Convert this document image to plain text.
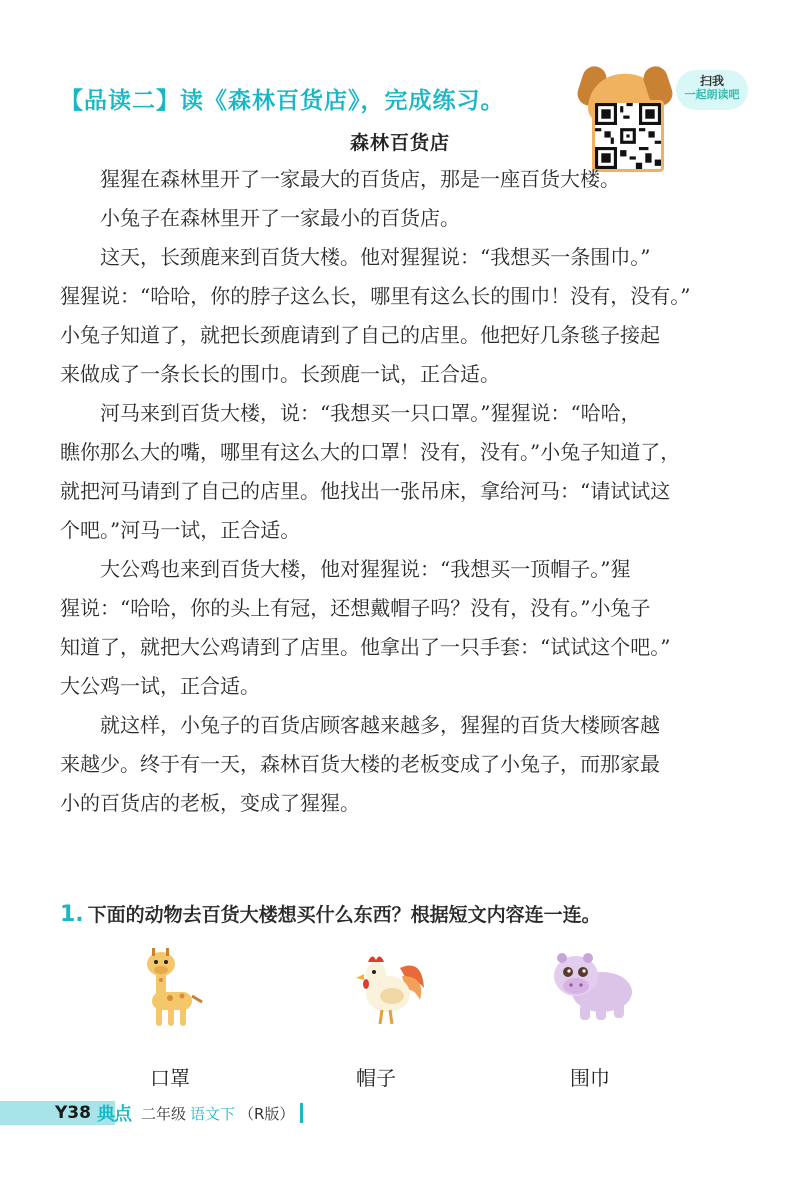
【品读二】读《森林百货店》，完成练习。
扫我
一起朗读吧
森林百货店

猩猩在森林里开了一家最大的百货店，那是一座百货大楼。

小兔子在森林里开了一家最小的百货店。

这天，长颈鹿来到百货大楼。他对猩猩说：“我想买一条围巾。”

猩猩说：“哈哈，你的脖子这么长，哪里有这么长的围巾！没有，没有。”

小兔子知道了，就把长颈鹿请到了自己的店里。他把好几条毯子接起

来做成了一条长长的围巾。长颈鹿一试，正合适。

河马来到百货大楼，说：“我想买一只口罩。”猩猩说：“哈哈，

瞧你那么大的嘴，哪里有这么大的口罩！没有，没有。”小兔子知道了，

就把河马请到了自己的店里。他找出一张吊床，拿给河马：“请试试这

个吧。”河马一试，正合适。

大公鸡也来到百货大楼，他对猩猩说：“我想买一顶帽子。”猩

猩说：“哈哈，你的头上有冠，还想戴帽子吗？没有，没有。”小兔子

知道了，就把大公鸡请到了店里。他拿出了一只手套：“试试这个吧。”

大公鸡一试，正合适。

就这样，小兔子的百货店顾客越来越多，猩猩的百货大楼顾客越

来越少。终于有一天，森林百货大楼的老板变成了小兔子，而那家最

小的百货店的老板，变成了猩猩。

1. 下面的动物去百货大楼想买什么东西？根据短文内容连一连。
口罩	帽子	围巾
Y38 典点 二年级 语文下 （R版）
